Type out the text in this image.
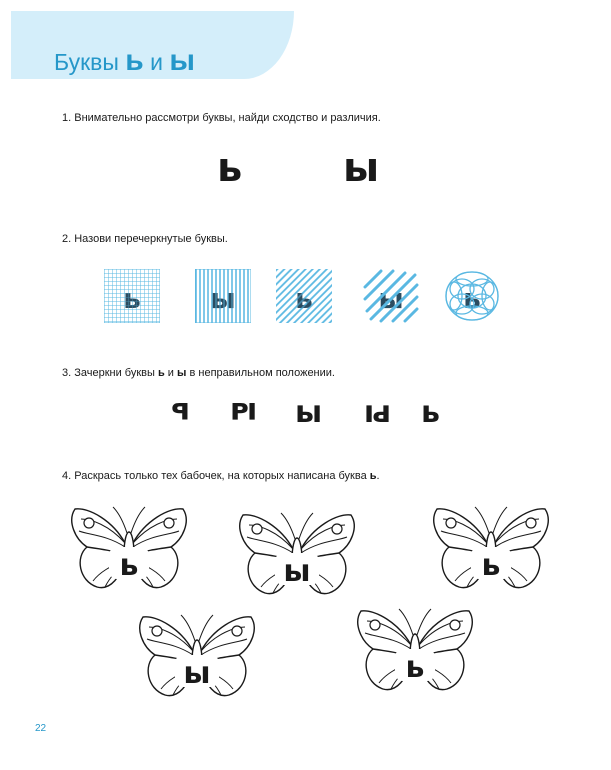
Буквы ь и ы
1. Внимательно рассмотри буквы, найди сходство и различия.
ь	ы
2. Назови перечеркнутые буквы.
ы ь
3. Зачеркни буквы ь и ы в неправильном положении.
ь ы ы ы ь
4. Раскрась только тех бабочек, на которых написана буква ь.
ь	ы	ь
ы	ь
22
